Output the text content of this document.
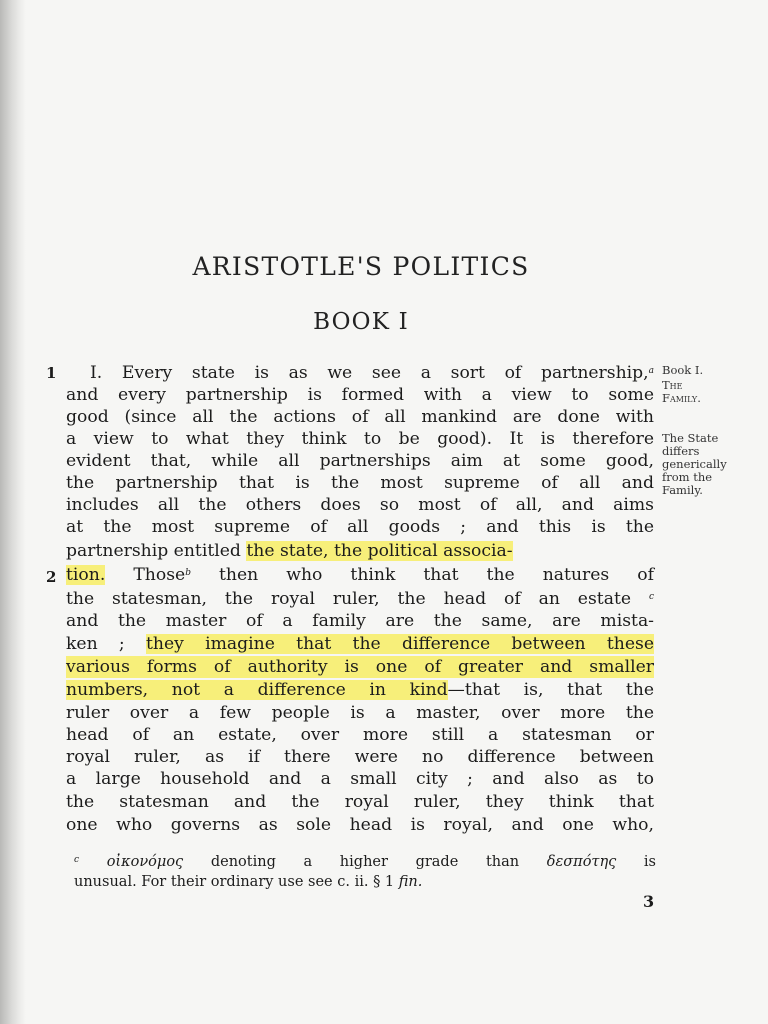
ARISTOTLE'S POLITICS
BOOK I
1
2
I. Every state is as we see a sort of partnership,$^a$
and every partnership is formed with a view to some
good (since all the actions of all mankind are done with
a view to what they think to be good). It is therefore
evident that, while all partnerships aim at some good,
the partnership that is the most supreme of all and
includes all the others does so most of all, and aims
at the most supreme of all goods ; and this is the
partnership entitled the state, the political associa-
tion. Those$^b$ then who think that the natures of
the statesman, the royal ruler, the head of an estate $^c$
and the master of a family are the same, are mista-
ken ; they imagine that the difference between these
various forms of authority is one of greater and smaller
numbers, not a difference in kind—that is, that the
ruler over a few people is a master, over more the
head of an estate, over more still a statesman or
royal ruler, as if there were no difference between
a large household and a small city ; and also as to
the statesman and the royal ruler, they think that
one who governs as sole head is royal, and one who,
Book I.
The
Family.
The State
differs
generically
from the
Family.
$^c$ οἰκονόμος denoting a higher grade than δεσπότης is
unusual. For their ordinary use see c. ii. § 1 fin.
3
